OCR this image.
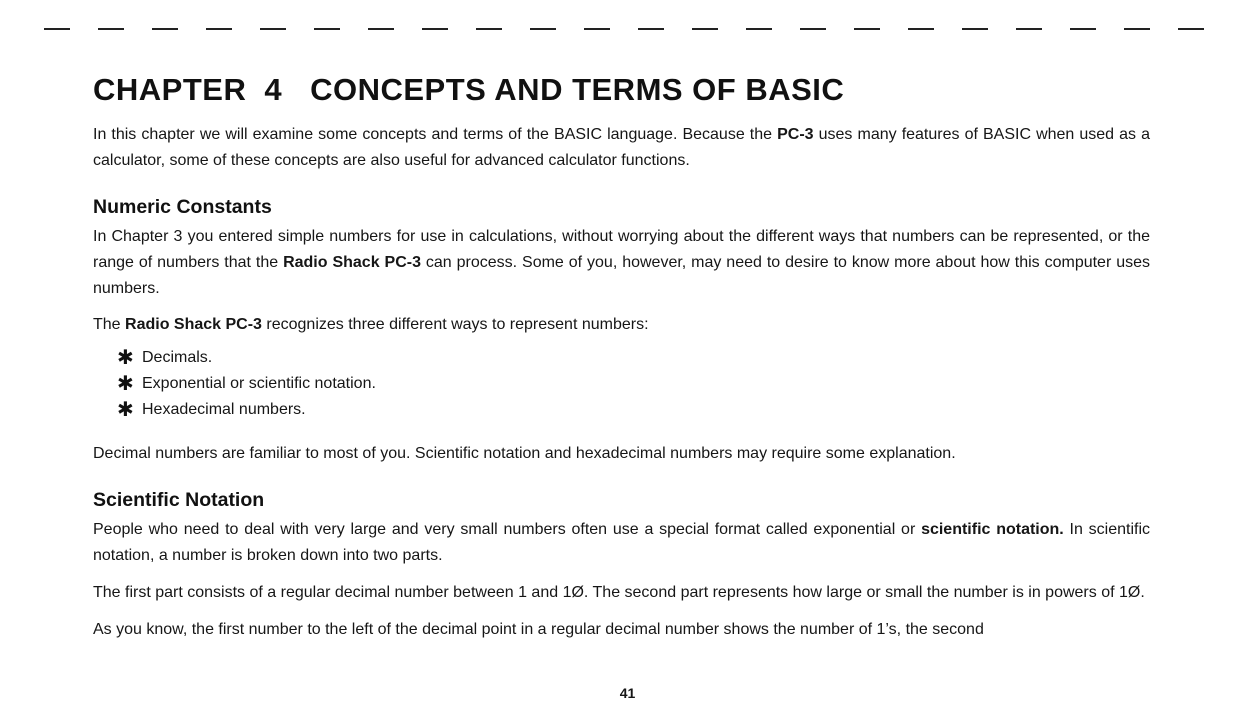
CHAPTER 4 CONCEPTS AND TERMS OF BASIC

In this chapter we will examine some concepts and terms of the BASIC language. Because the PC-3 uses many features of BASIC when used as a calculator, some of these concepts are also useful for advanced calculator functions.

Numeric Constants

In Chapter 3 you entered simple numbers for use in calculations, without worrying about the different ways that numbers can be represented, or the range of numbers that the Radio Shack PC-3 can process. Some of you, however, may need to desire to know more about how this computer uses numbers.

The Radio Shack PC-3 recognizes three different ways to represent numbers:

✱ Decimals.
✱ Exponential or scientific notation.
✱ Hexadecimal numbers.

Decimal numbers are familiar to most of you. Scientific notation and hexadecimal numbers may require some explanation.

Scientific Notation

People who need to deal with very large and very small numbers often use a special format called exponential or scientific notation. In scientific notation, a number is broken down into two parts.

The first part consists of a regular decimal number between 1 and 1Ø. The second part represents how large or small the number is in powers of 1Ø.

As you know, the first number to the left of the decimal point in a regular decimal number shows the number of 1’s, the second

41
